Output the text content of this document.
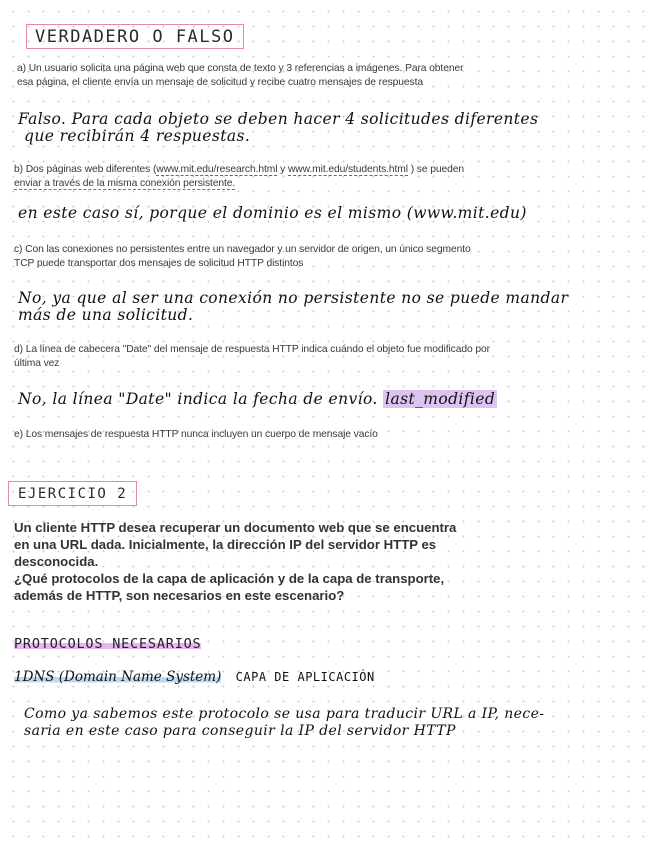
VERDADERO O FALSO
a) Un usuario solicita una página web que consta de texto y 3 referencias a imágenes. Para obtener
esa página, el cliente envía un mensaje de solicitud y recibe cuatro mensajes de respuesta
Falso. Para cada objeto se deben hacer 4 solicitudes diferentes
que recibirán 4 respuestas.
b) Dos páginas web diferentes (www.mit.edu/research.html y www.mit.edu/students.html ) se pueden
enviar a través de la misma conexión persistente.
en este caso sí, porque el dominio es el mismo (www.mit.edu)
c) Con las conexiones no persistentes entre un navegador y un servidor de origen, un único segmento
TCP puede transportar dos mensajes de solicitud HTTP distintos
No, ya que al ser una conexión no persistente no se puede mandar
más de una solicitud.
d) La línea de cabecera "Date" del mensaje de respuesta HTTP indica cuándo el objeto fue modificado por
última vez
No, la línea "Date" indica la fecha de envío. last_modified
e) Los mensajes de respuesta HTTP nunca incluyen un cuerpo de mensaje vacío
EJERCICIO 2
Un cliente HTTP desea recuperar un documento web que se encuentra
en una URL dada. Inicialmente, la dirección IP del servidor HTTP es
desconocida.
¿Qué protocolos de la capa de aplicación y de la capa de transporte,
además de HTTP, son necesarios en este escenario?
PROTOCOLOS NECESARIOS
1DNS (Domain Name System) CAPA DE APLICACIÓN
Como ya sabemos este protocolo se usa para traducir URL a IP, nece-
saria en este caso para conseguir la IP del servidor HTTP
